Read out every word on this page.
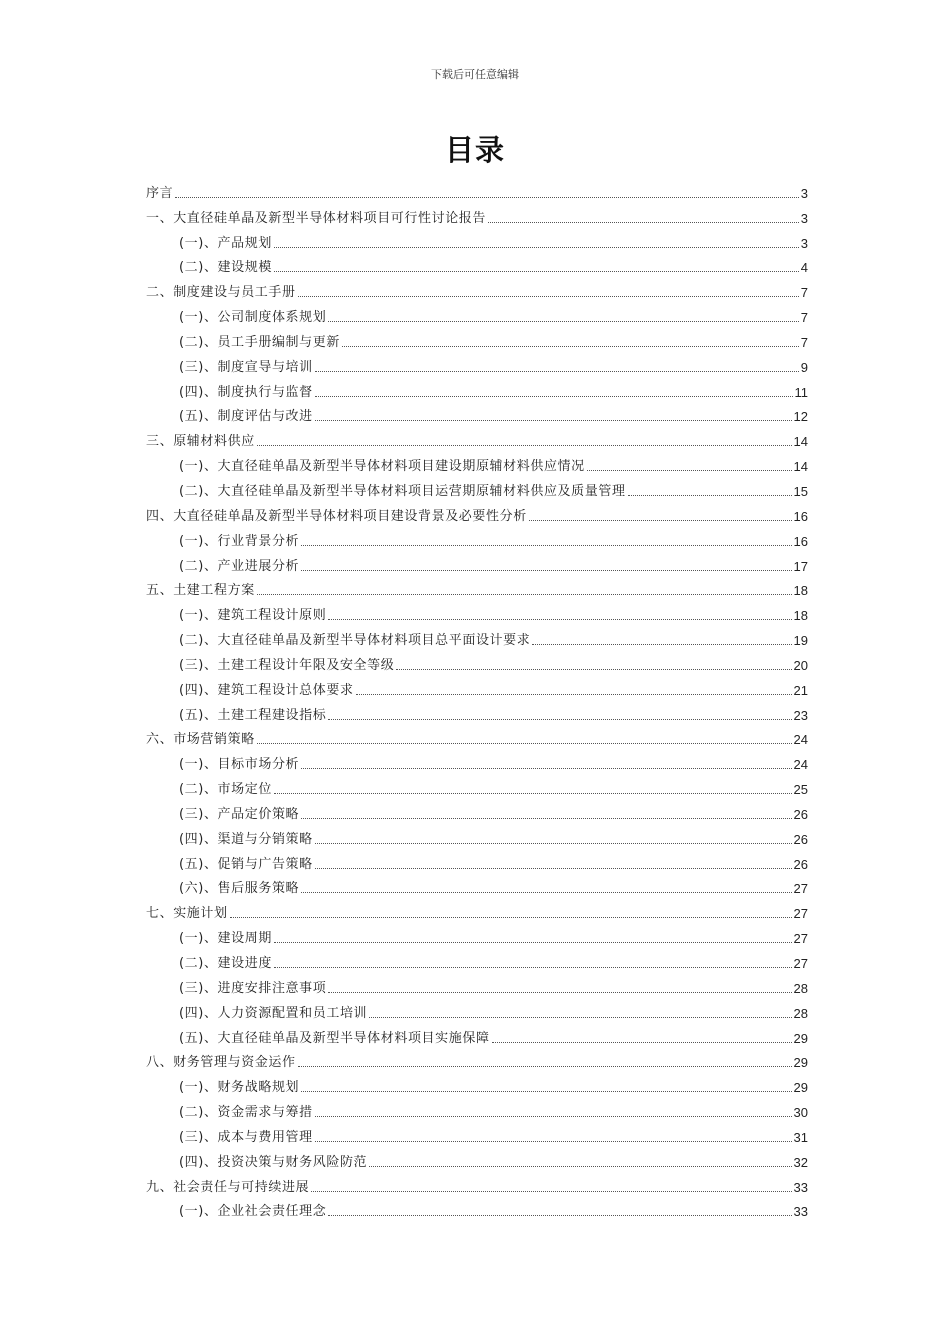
下载后可任意编辑
目录
序言	3
一、大直径硅单晶及新型半导体材料项目可行性讨论报告	3
(一)、产品规划	3
(二)、建设规模	4
二、制度建设与员工手册	7
(一)、公司制度体系规划	7
(二)、员工手册编制与更新	7
(三)、制度宣导与培训	9
(四)、制度执行与监督	11
(五)、制度评估与改进	12
三、原辅材料供应	14
(一)、大直径硅单晶及新型半导体材料项目建设期原辅材料供应情况	14
(二)、大直径硅单晶及新型半导体材料项目运营期原辅材料供应及质量管理	15
四、大直径硅单晶及新型半导体材料项目建设背景及必要性分析	16
(一)、行业背景分析	16
(二)、产业进展分析	17
五、土建工程方案	18
(一)、建筑工程设计原则	18
(二)、大直径硅单晶及新型半导体材料项目总平面设计要求	19
(三)、土建工程设计年限及安全等级	20
(四)、建筑工程设计总体要求	21
(五)、土建工程建设指标	23
六、市场营销策略	24
(一)、目标市场分析	24
(二)、市场定位	25
(三)、产品定价策略	26
(四)、渠道与分销策略	26
(五)、促销与广告策略	26
(六)、售后服务策略	27
七、实施计划	27
(一)、建设周期	27
(二)、建设进度	27
(三)、进度安排注意事项	28
(四)、人力资源配置和员工培训	28
(五)、大直径硅单晶及新型半导体材料项目实施保障	29
八、财务管理与资金运作	29
(一)、财务战略规划	29
(二)、资金需求与筹措	30
(三)、成本与费用管理	31
(四)、投资决策与财务风险防范	32
九、社会责任与可持续进展	33
(一)、企业社会责任理念	33
